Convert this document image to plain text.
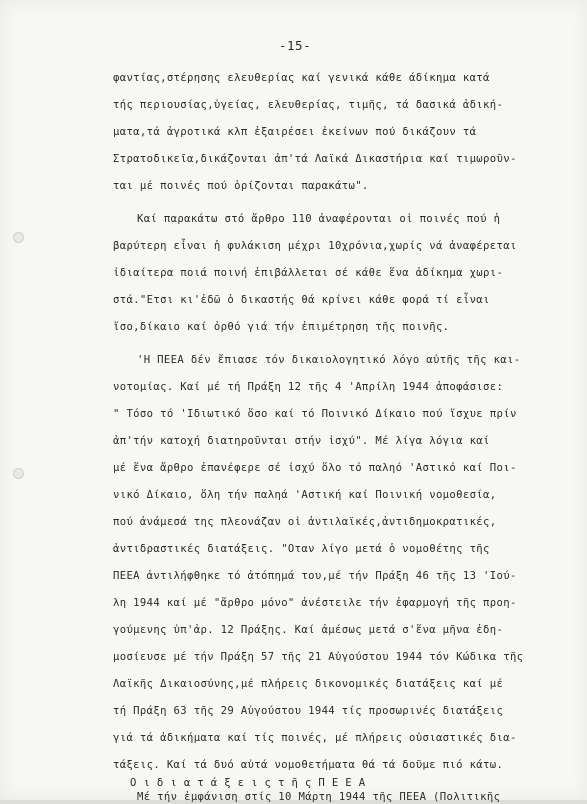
-15-
φαντίας,στέρησης ελευθερίας καί γενικά κάθε άδίκημα κατά
τής περιουσίας,ὑγείας, ελευθερίας, τιμῆς, τά δασικά ἀδική-
ματα,τά ἀγροτικά κλπ ἐξαιρέσει ἐκείνων πού δικάζουν τά
Στρατοδικεῖα,δικάζονται ἀπ'τά Λαϊκά Δικαστήρια καί τιμωροῦν-
ται μέ ποινές πού ὁρίζονται παρακάτω".
Καί παρακάτω στό ἄρθρο 110 ἀναφέρονται οἱ ποινές πού ἡ
βαρύτερη εἶναι ἡ φυλάκιση μέχρι 10χρόνια,χωρίς νά ἀναφέρεται
ἰδιαίτερα ποιά ποινή ἐπιβάλλεται σέ κάθε ἕνα ἀδίκημα χωρι-
στά."Ετσι κι'ἐδῶ ὁ δικαστής θά κρίνει κάθε φορά τί εἶναι
ἴσο,δίκαιο καί ὀρθό γιά τήν ἐπιμέτρηση τῆς ποινῆς.
'Η ΠΕΕΑ δέν ἔπιασε τόν δικαιολογητικό λόγο αὐτῆς τῆς και-
νοτομίας. Καί μέ τή Πράξη 12 τῆς 4 'Απρίλη 1944 ἀποφάσισε:
" Τόσο τό 'Ιδιωτικό ὅσο καί τό Ποινικό Δίκαιο πού ἴσχυε πρίν
ἀπ'τήν κατοχή διατηροῦνται στήν ἰσχύ". Μέ λίγα λόγια καί
μέ ἕνα ἄρθρο ἐπανέφερε σέ ἰσχύ ὅλο τό παληό 'Αστικό καί Ποι-
νικό Δίκαιο, ὅλη τήν παληά 'Αστική καί Ποινική νομοθεσία,
πού ἀνάμεσά της πλεονάζαν οἱ ἀντιλαϊκές,ἀντιδημοκρατικές,
ἀντιδραστικές διατάξεις. "Οταν λίγο μετά ὁ νομοθέτης τῆς
ΠΕΕΑ ἀντιλήφθηκε τό ἀτόπημά του,μέ τήν Πράξη 46 τῆς 13 'Ιού-
λη 1944 καί μέ "ἄρθρο μόνο" ἀνέστειλε τήν ἐφαρμογή τῆς προη-
γούμενης ὑπ'ἀρ. 12 Πράξης. Καί ἀμέσως μετά σ'ἕνα μῆνα ἐδη-
μοσίευσε μέ τήν Πράξη 57 τῆς 21 Αὐγούστου 1944 τόν Κώδικα τῆς
Λαϊκῆς Δικαιοσύνης,μέ πλήρεις δικονομικές διατάξεις καί μέ
τή Πράξη 63 τῆς 29 Αὐγούστου 1944 τίς προσωρινές διατάξεις
γιά τά ἀδικήματα καί τίς ποινές, μέ πλήρεις οὐσιαστικές δια-
τάξεις. Καί τά δυό αὐτά νομοθετήματα θά τά δοῦμε πιό κάτω.
Ο ι δ ι α τ ά ξ ε ι ς τ ῆ ς Π Ε Ε Α
Μέ τήν ἐμφάνιση στίς 10 Μάρτη 1944 τῆς ΠΕΕΑ (Πολιτικῆς
